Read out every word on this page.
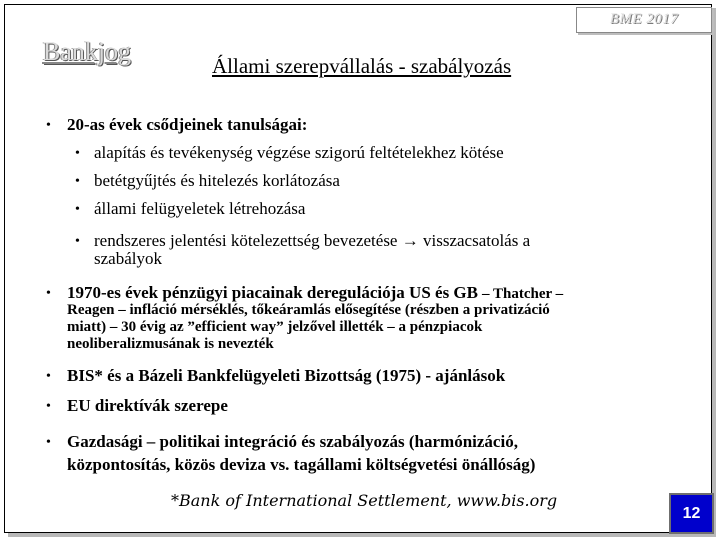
BME 2017
Bankjog	Állami szerepvállalás - szabályozás
• 20-as évek csődjeinek tanulságai:
• alapítás és tevékenység végzése szigorú feltételekhez kötése
• betétgyűjtés és hitelezés korlátozása
• állami felügyeletek létrehozása
• rendszeres jelentési kötelezettség bevezetése → visszacsatolás a
szabályok
• 1970-es évek pénzügyi piacainak deregulációja US és GB – Thatcher –
Reagen – infláció mérséklés, tőkeáramlás elősegítése (részben a privatizáció
miatt) – 30 évig az ”efficient way” jelzővel illették – a pénzpiacok
neoliberalizmusának is nevezték
• BIS* és a Bázeli Bankfelügyeleti Bizottság (1975) - ajánlások
• EU direktívák szerepe
• Gazdasági – politikai integráció és szabályozás (harmónizáció,
központosítás, közös deviza vs. tagállami költségvetési önállóság)
*Bank of International Settlement, www.bis.org
12
